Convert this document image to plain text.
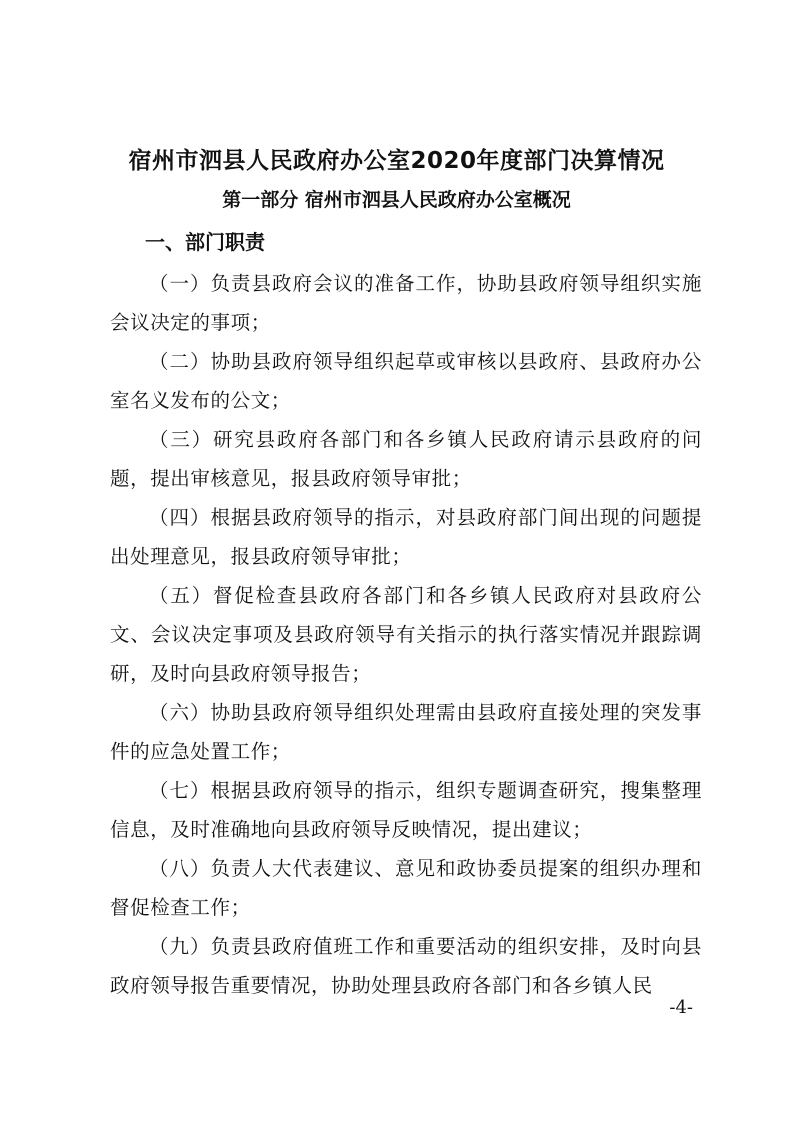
宿州市泗县人民政府办公室2020年度部门决算情况
第一部分 宿州市泗县人民政府办公室概况
一、部门职责

（一）负责县政府会议的准备工作，协助县政府领导组织实施会议决定的事项；

（二）协助县政府领导组织起草或审核以县政府、县政府办公室名义发布的公文；

（三）研究县政府各部门和各乡镇人民政府请示县政府的问题，提出审核意见，报县政府领导审批；

（四）根据县政府领导的指示，对县政府部门间出现的问题提出处理意见，报县政府领导审批；

（五）督促检查县政府各部门和各乡镇人民政府对县政府公文、会议决定事项及县政府领导有关指示的执行落实情况并跟踪调研，及时向县政府领导报告；

（六）协助县政府领导组织处理需由县政府直接处理的突发事件的应急处置工作；

（七）根据县政府领导的指示，组织专题调查研究，搜集整理信息，及时准确地向县政府领导反映情况，提出建议；

（八）负责人大代表建议、意见和政协委员提案的组织办理和督促检查工作；

（九）负责县政府值班工作和重要活动的组织安排，及时向县政府领导报告重要情况，协助处理县政府各部门和各乡镇人民

-4-
